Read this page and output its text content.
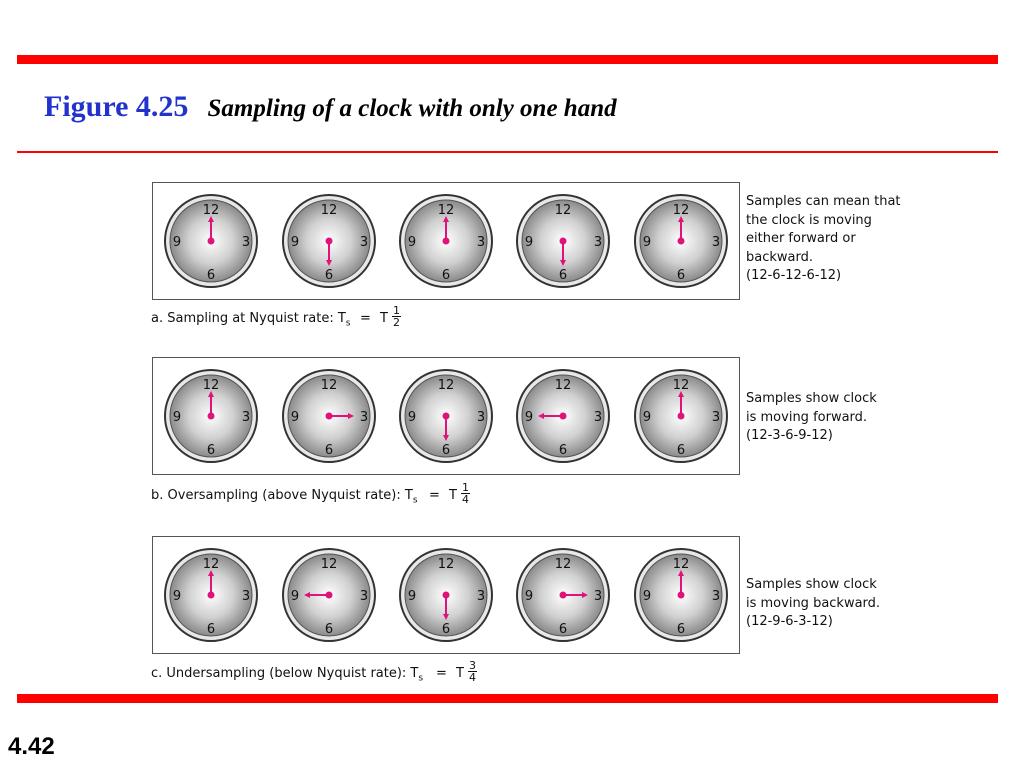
Figure 4.25 Sampling of a clock with only one hand
12
6
9	3
12
6
9	3
12
6
9	3
12
6
9	3
12
6
9	3
Samples can mean that
the clock is moving
either forward or
backward.
(12-6-12-6-12)
a. Sampling at Nyquist rate: $T_s = T \frac{1}{2}$
12
6
9	3
12
6
9	3
12
6
9	3
12
6
9	3
12
6
9	3
Samples show clock
is moving forward.
(12-3-6-9-12)
b. Oversampling (above Nyquist rate): $T_s = T \frac{1}{4}$
12
6
9	3
12
6
9	3
12
6
9	3
12
6
9	3
12
6
9	3
Samples show clock
is moving backward.
(12-9-6-3-12)
c. Undersampling (below Nyquist rate): $T_s = T \frac{3}{4}$
4.42
